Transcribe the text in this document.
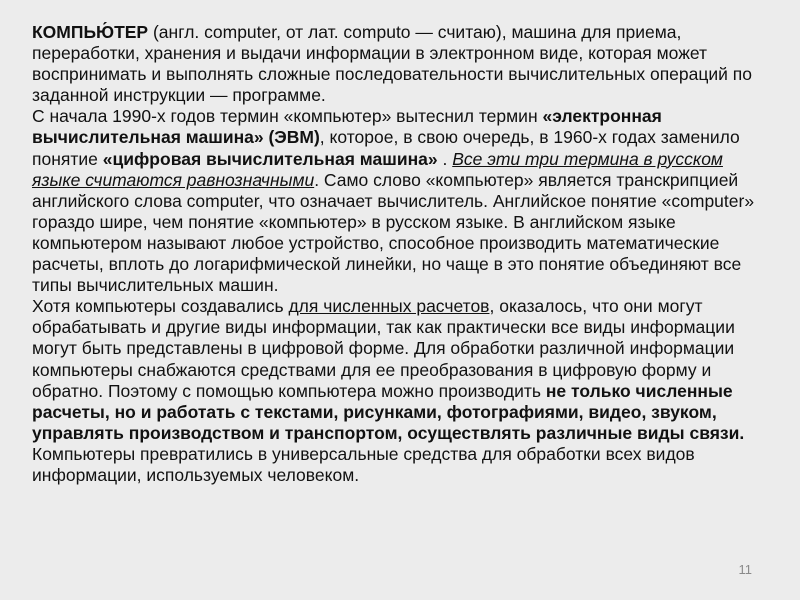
КОМПЬЮ́ТЕР (англ. computer, от лат. computo — считаю), машина для приема, переработки, хранения и выдачи информации в электронном виде, которая может воспринимать и выполнять сложные последовательности вычислительных операций по заданной инструкции — программе.
С начала 1990-х годов термин «компьютер» вытеснил термин «электронная вычислительная машина» (ЭВМ), которое, в свою очередь, в 1960-х годах заменило понятие «цифровая вычислительная машина» . Все эти три термина в русском языке считаются равнозначными. Само слово «компьютер» является транскрипцией английского слова computer, что означает вычислитель. Английское понятие «computer» гораздо шире, чем понятие «компьютер» в русском языке. В английском языке компьютером называют любое устройство, способное производить математические расчеты, вплоть до логарифмической линейки, но чаще в это понятие объединяют все типы вычислительных машин.
Хотя компьютеры создавались для численных расчетов, оказалось, что они могут обрабатывать и другие виды информации, так как практически все виды информации могут быть представлены в цифровой форме. Для обработки различной информации компьютеры снабжаются средствами для ее преобразования в цифровую форму и обратно. Поэтому с помощью компьютера можно производить не только численные расчеты, но и работать с текстами, рисунками, фотографиями, видео, звуком, управлять производством и транспортом, осуществлять различные виды связи. Компьютеры превратились в универсальные средства для обработки всех видов информации, используемых человеком.
11
